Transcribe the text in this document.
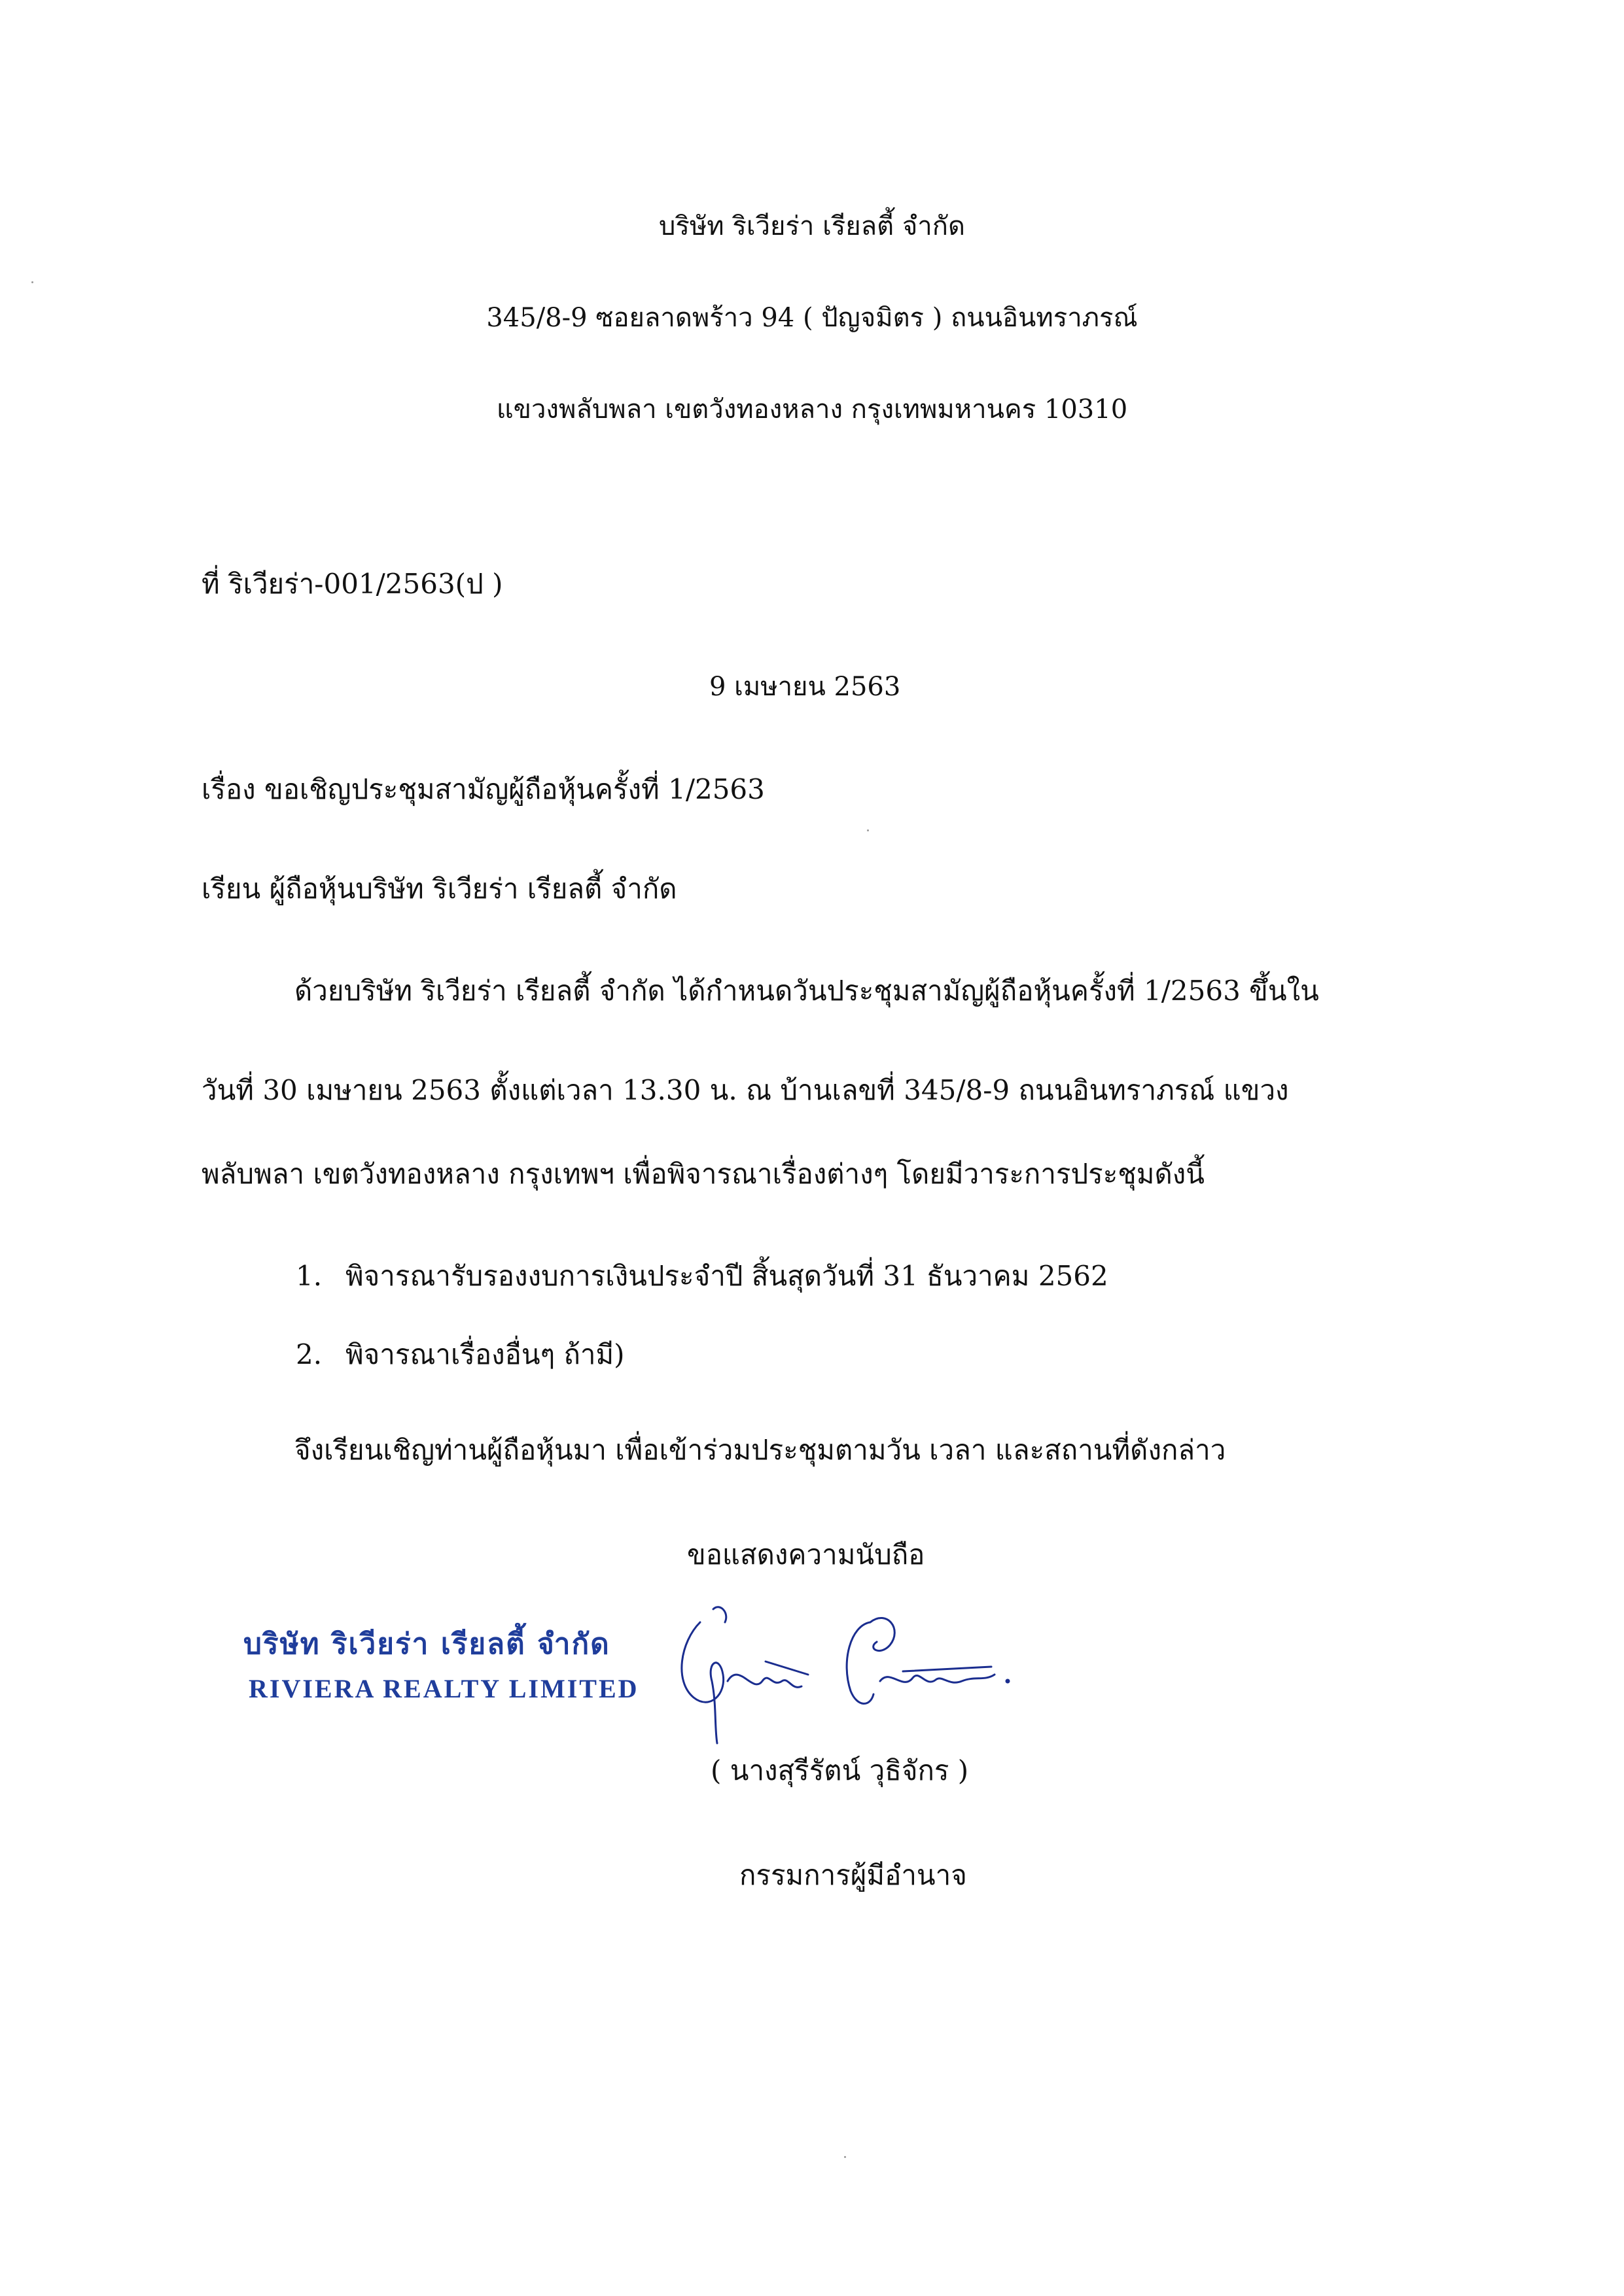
บริษัท ริเวียร่า เรียลตี้ จำกัด
345/8-9 ซอยลาดพร้าว 94 ( ปัญจมิตร ) ถนนอินทราภรณ์
แขวงพลับพลา เขตวังทองหลาง กรุงเทพมหานคร 10310
ที่ ริเวียร่า-001/2563(ป )
9 เมษายน 2563
เรื่อง ขอเชิญประชุมสามัญผู้ถือหุ้นครั้งที่ 1/2563
เรียน ผู้ถือหุ้นบริษัท ริเวียร่า เรียลตี้ จำกัด
ด้วยบริษัท ริเวียร่า เรียลตี้ จำกัด ได้กำหนดวันประชุมสามัญผู้ถือหุ้นครั้งที่ 1/2563 ขึ้นใน
วันที่ 30 เมษายน 2563 ตั้งแต่เวลา 13.30 น. ณ บ้านเลขที่ 345/8-9 ถนนอินทราภรณ์ แขวง
พลับพลา เขตวังทองหลาง กรุงเทพฯ เพื่อพิจารณาเรื่องต่างๆ โดยมีวาระการประชุมดังนี้
1. พิจารณารับรองงบการเงินประจำปี สิ้นสุดวันที่ 31 ธันวาคม 2562
2. พิจารณาเรื่องอื่นๆ ถ้ามี)
จึงเรียนเชิญท่านผู้ถือหุ้นมา เพื่อเข้าร่วมประชุมตามวัน เวลา และสถานที่ดังกล่าว
ขอแสดงความนับถือ
บริษัท ริเวียร่า เรียลตี้ จำกัด
RIVIERA REALTY LIMITED
( นางสุรีรัตน์ วุธิจักร )
กรรมการผู้มีอำนาจ
